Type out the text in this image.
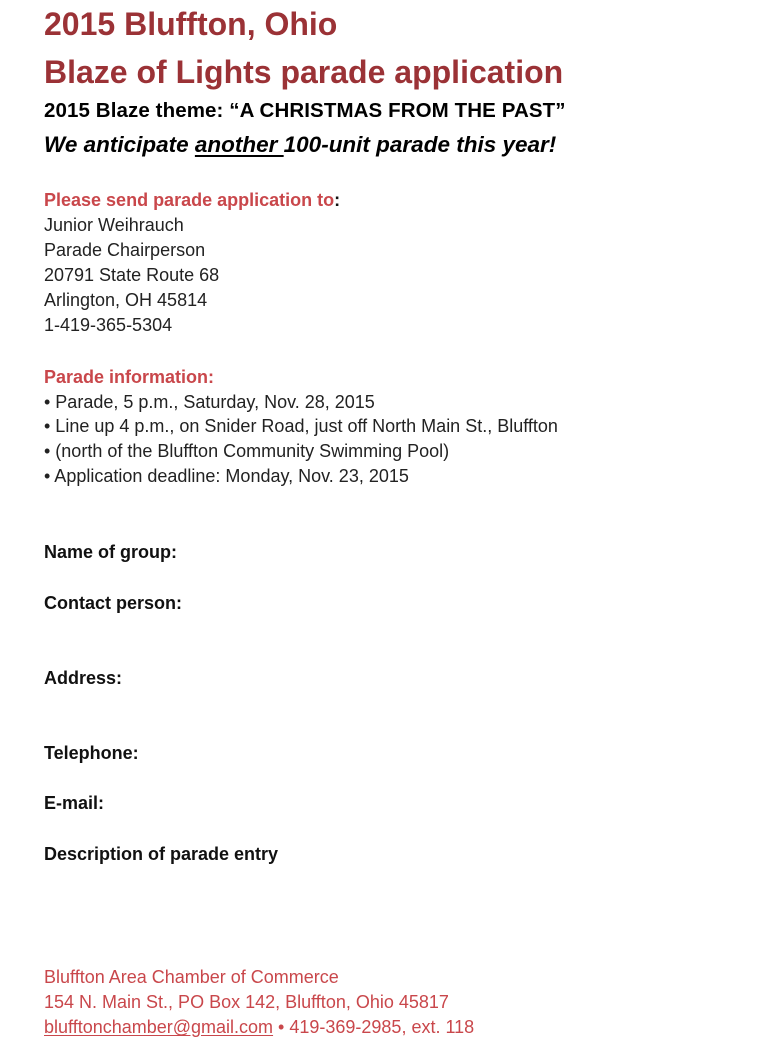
2015 Bluffton, Ohio
Blaze of Lights parade application
2015 Blaze theme: “A CHRISTMAS FROM THE PAST”
We anticipate another 100-unit parade this year!
Please send parade application to:
Junior Weihrauch
Parade Chairperson
20791 State Route 68
Arlington, OH 45814
1-419-365-5304
Parade information:
• Parade, 5 p.m., Saturday, Nov. 28, 2015
• Line up 4 p.m., on Snider Road, just off North Main St., Bluffton
• (north of the Bluffton Community Swimming Pool)
• Application deadline: Monday, Nov. 23, 2015
Name of group:
Contact person:
Address:
Telephone:
E-mail:
Description of parade entry
Bluffton Area Chamber of Commerce
154 N. Main St., PO Box 142, Bluffton, Ohio 45817
blufftonchamber@gmail.com • 419-369-2985, ext. 118
